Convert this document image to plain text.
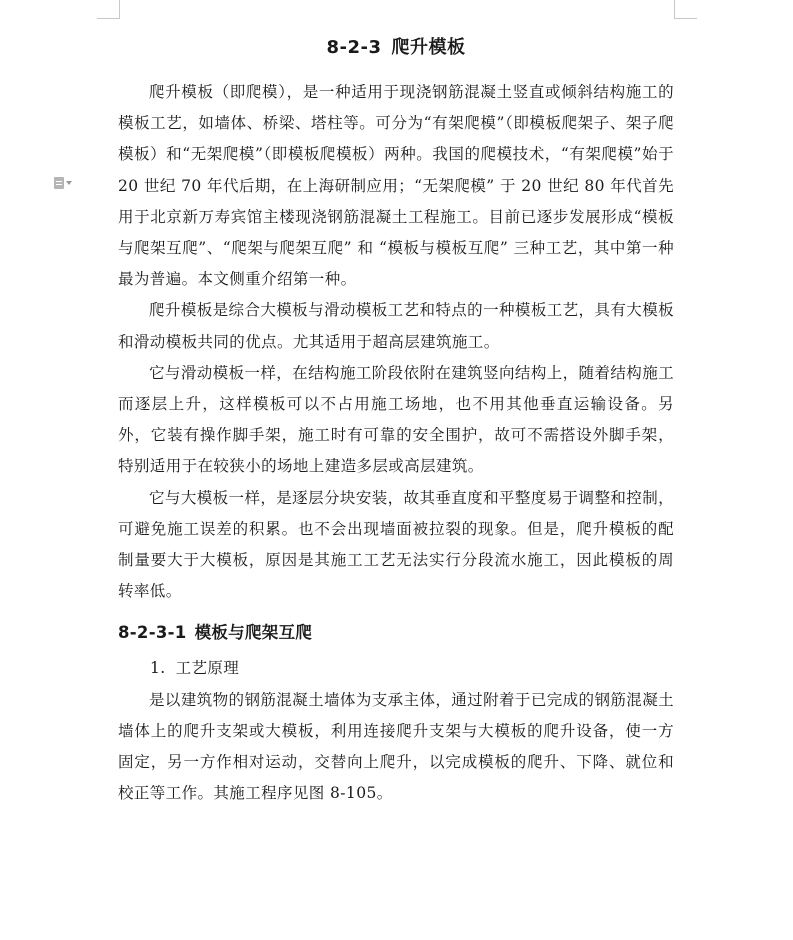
8-2-3 爬升模板

爬升模板（即爬模），是一种适用于现浇钢筋混凝土竖直或倾斜结构施工的模板工艺，如墙体、桥梁、塔柱等。可分为“有架爬模”（即模板爬架子、架子爬模板）和“无架爬模”（即模板爬模板）两种。我国的爬模技术，“有架爬模”始于 20 世纪 70 年代后期，在上海研制应用；“无架爬模” 于 20 世纪 80 年代首先用于北京新万寿宾馆主楼现浇钢筋混凝土工程施工。目前已逐步发展形成“模板与爬架互爬”、“爬架与爬架互爬” 和 “模板与模板互爬” 三种工艺，其中第一种最为普遍。本文侧重介绍第一种。

爬升模板是综合大模板与滑动模板工艺和特点的一种模板工艺，具有大模板和滑动模板共同的优点。尤其适用于超高层建筑施工。

它与滑动模板一样，在结构施工阶段依附在建筑竖向结构上，随着结构施工而逐层上升，这样模板可以不占用施工场地，也不用其他垂直运输设备。另外，它装有操作脚手架，施工时有可靠的安全围护，故可不需搭设外脚手架，特别适用于在较狭小的场地上建造多层或高层建筑。

它与大模板一样，是逐层分块安装，故其垂直度和平整度易于调整和控制，可避免施工误差的积累。也不会出现墙面被拉裂的现象。但是，爬升模板的配制量要大于大模板，原因是其施工工艺无法实行分段流水施工，因此模板的周转率低。

8-2-3-1 模板与爬架互爬

1. 工艺原理

是以建筑物的钢筋混凝土墙体为支承主体，通过附着于已完成的钢筋混凝土墙体上的爬升支架或大模板，利用连接爬升支架与大模板的爬升设备，使一方固定，另一方作相对运动，交替向上爬升，以完成模板的爬升、下降、就位和校正等工作。其施工程序见图 8-105。
